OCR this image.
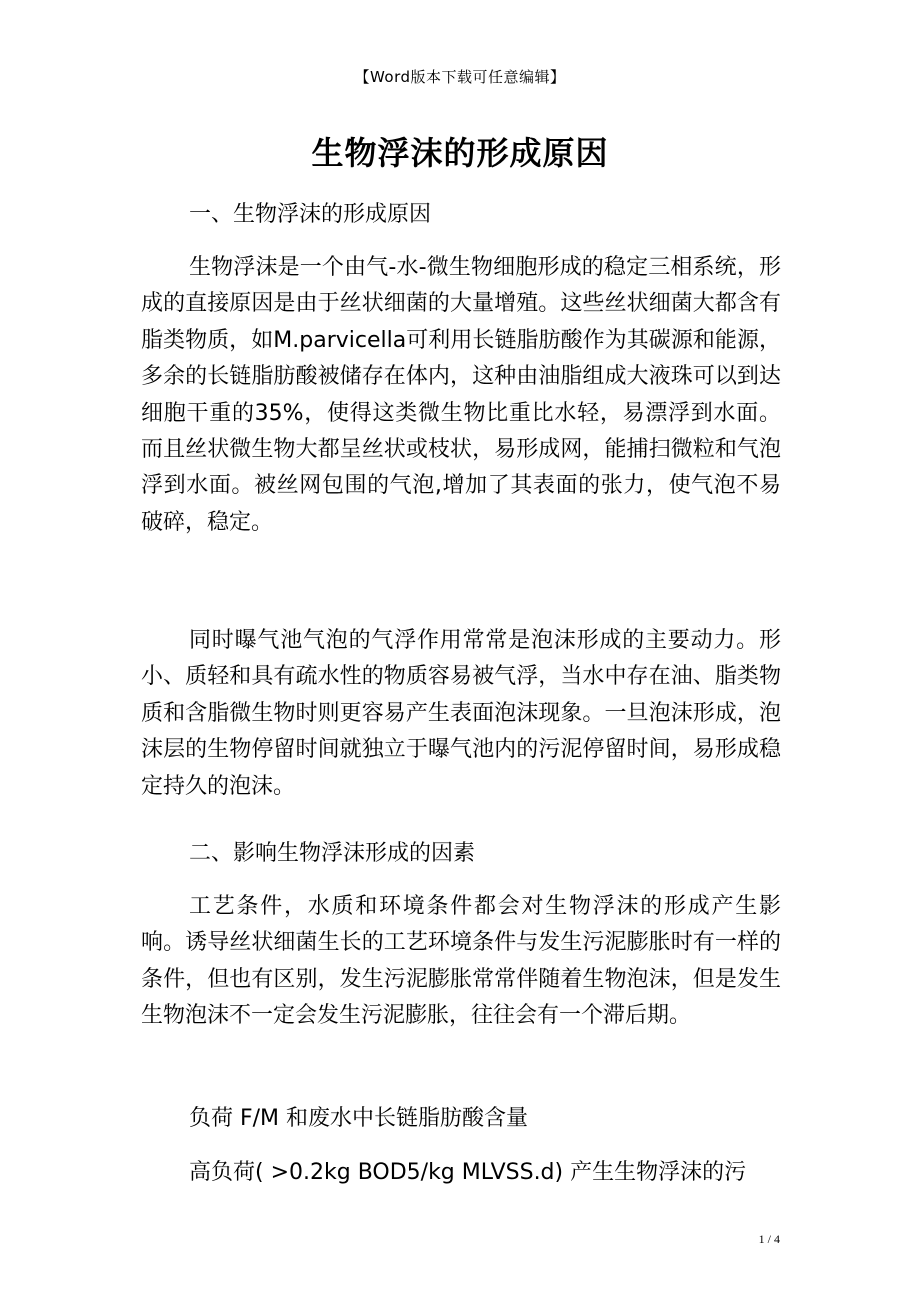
【Word版本下载可任意编辑】
生物浮沫的形成原因

一、生物浮沫的形成原因

生物浮沫是一个由气-水-微生物细胞形成的稳定三相系统，形成的直接原因是由于丝状细菌的大量增殖。这些丝状细菌大都含有脂类物质，如M.parvicella可利用长链脂肪酸作为其碳源和能源，多余的长链脂肪酸被储存在体内，这种由油脂组成大液珠可以到达细胞干重的35%，使得这类微生物比重比水轻，易漂浮到水面。而且丝状微生物大都呈丝状或枝状，易形成网，能捕扫微粒和气泡浮到水面。被丝网包围的气泡,增加了其表面的张力，使气泡不易破碎，稳定。

同时曝气池气泡的气浮作用常常是泡沫形成的主要动力。形小、质轻和具有疏水性的物质容易被气浮，当水中存在油、脂类物质和含脂微生物时则更容易产生表面泡沫现象。一旦泡沫形成，泡沫层的生物停留时间就独立于曝气池内的污泥停留时间，易形成稳定持久的泡沫。

二、影响生物浮沫形成的因素

工艺条件，水质和环境条件都会对生物浮沫的形成产生影响。诱导丝状细菌生长的工艺环境条件与发生污泥膨胀时有一样的条件，但也有区别，发生污泥膨胀常常伴随着生物泡沫，但是发生生物泡沫不一定会发生污泥膨胀，往往会有一个滞后期。

负荷 F/M 和废水中长链脂肪酸含量

高负荷( >0.2kg BOD5/kg MLVSS.d) 产生生物浮沫的污

1 / 4
